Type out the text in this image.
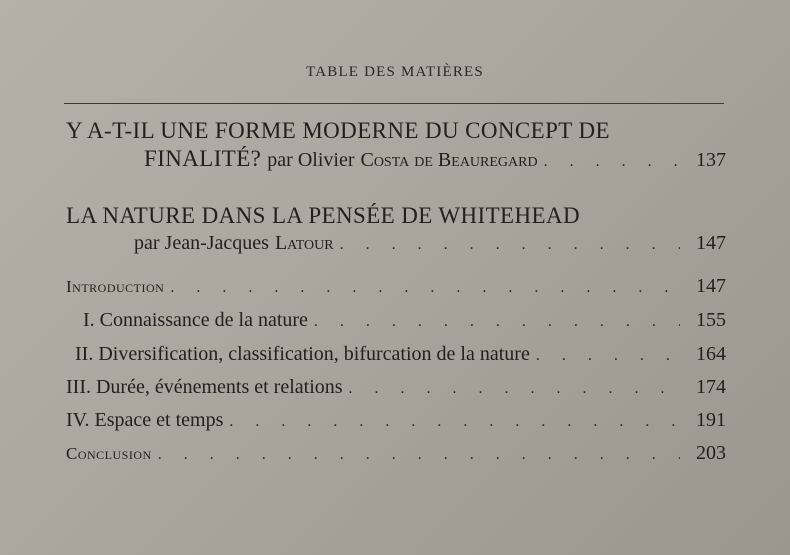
TABLE DES MATIÈRES
Y A-T-IL UNE FORME MODERNE DU CONCEPT DE
FINALITÉ? par Olivier Costa de Beauregard . . .	137
LA NATURE DANS LA PENSÉE DE WHITEHEAD
par Jean-Jacques Latour . . .	147
Introduction . . .	147
I. Connaissance de la nature . . .	155
II. Diversification, classification, bifurcation de la nature . . .	164
III. Durée, événements et relations . . .	174
IV. Espace et temps . . .	191
Conclusion . . .	203
